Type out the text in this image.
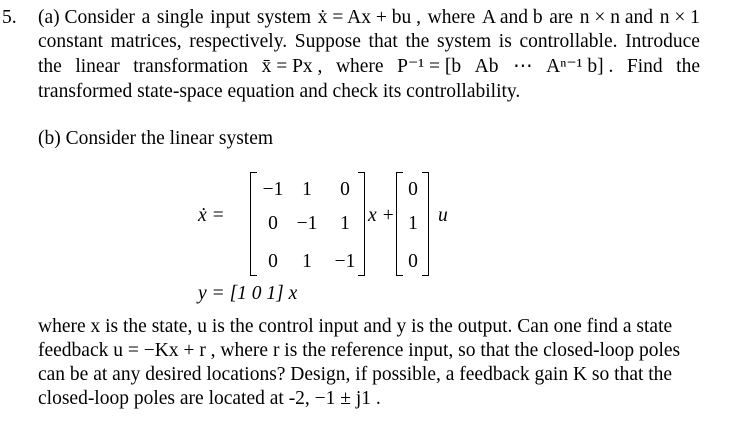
5. (a) Consider a single input system ẋ = Ax + bu , where A and b are n × n and n × 1
constant matrices, respectively. Suppose that the system is controllable. Introduce
the linear transformation x̄ = Px , where P⁻¹ = [b   Ab   ⋯   Aⁿ⁻¹ b] . Find the
transformed state-space equation and check its controllability.
(b) Consider the linear system
ẋ =
−1 1	0
0 −1	1
0	1	−1
x +
0
1
0
u
y = [1 0 1] x
where x is the state, u is the control input and y is the output. Can one find a state
feedback u = −Kx + r , where r is the reference input, so that the closed-loop poles
can be at any desired locations? Design, if possible, a feedback gain K so that the
closed-loop poles are located at -2, −1 ± j1 .
